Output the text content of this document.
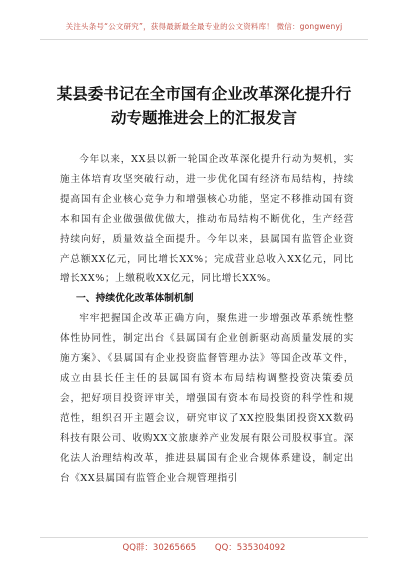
关注头条号“公文研究”，获得最新最全最专业的公文资料库！ 微信：gongwenyj
某县委书记在全市国有企业改革深化提升行动专题推进会上的汇报发言

今年以来，XX县以新一轮国企改革深化提升行动为契机，实施主体培育攻坚突破行动，进一步优化国有经济布局结构，持续提高国有企业核心竞争力和增强核心功能，坚定不移推动国有资本和国有企业做强做优做大，推动布局结构不断优化，生产经营持续向好，质量效益全面提升。今年以来，县属国有监管企业资产总额XX亿元，同比增长XX%；完成营业总收入XX亿元，同比增长XX%；上缴税收XX亿元，同比增长XX%。

一、持续优化改革体制机制

牢牢把握国企改革正确方向，聚焦进一步增强改革系统性整体性协同性，制定出台《县属国有企业创新驱动高质量发展的实施方案》、《县属国有企业投资监督管理办法》等国企改革文件，成立由县长任主任的县属国有资本布局结构调整投资决策委员会，把好项目投资评审关，增强国有资本布局投资的科学性和规范性，组织召开主题会议，研究审议了XX控股集团投资XX数码科技有限公司、收购XX文旅康养产业发展有限公司股权事宜。深化法人治理结构改革，推进县属国有企业合规体系建设，制定出台《XX县属国有监管企业合规管理指引

QQ群：30265665 QQ：535304092
